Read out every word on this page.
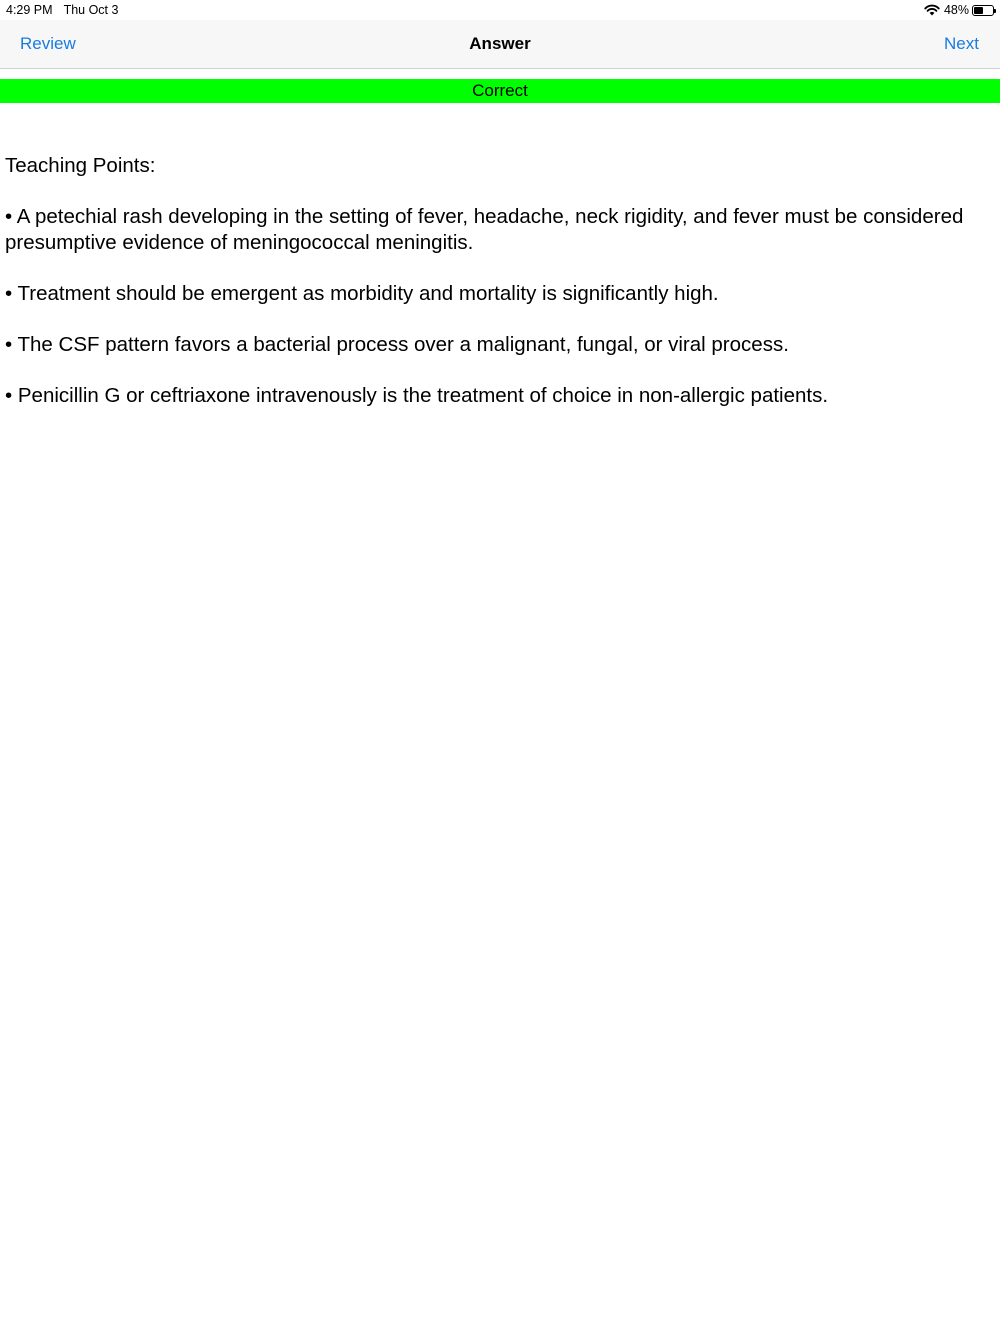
4:29 PM Thu Oct 3	48%
Review	Answer	Next
Correct

Teaching Points:

• A petechial rash developing in the setting of fever, headache, neck rigidity, and fever must be considered presumptive evidence of meningococcal meningitis.

• Treatment should be emergent as morbidity and mortality is significantly high.

• The CSF pattern favors a bacterial process over a malignant, fungal, or viral process.

• Penicillin G or ceftriaxone intravenously is the treatment of choice in non-allergic patients.
